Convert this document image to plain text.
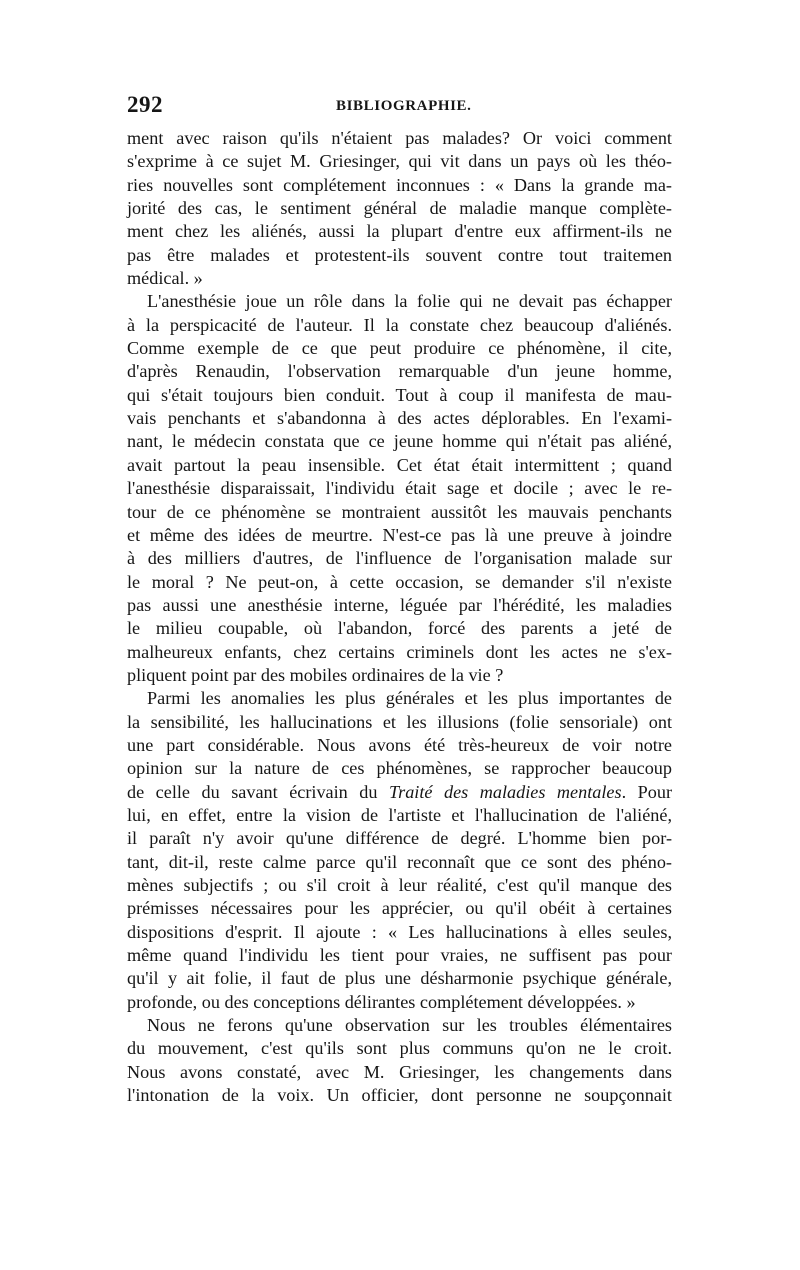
292	BIBLIOGRAPHIE.
ment avec raison qu'ils n'étaient pas malades? Or voici comment
s'exprime à ce sujet M. Griesinger, qui vit dans un pays où les théo-
ries nouvelles sont complétement inconnues : « Dans la grande ma-
jorité des cas, le sentiment général de maladie manque complète-
ment chez les aliénés, aussi la plupart d'entre eux affirment-ils ne
pas être malades et protestent-ils souvent contre tout traitemen
médical. »
L'anesthésie joue un rôle dans la folie qui ne devait pas échapper
à la perspicacité de l'auteur. Il la constate chez beaucoup d'aliénés.
Comme exemple de ce que peut produire ce phénomène, il cite,
d'après Renaudin, l'observation remarquable d'un jeune homme,
qui s'était toujours bien conduit. Tout à coup il manifesta de mau-
vais penchants et s'abandonna à des actes déplorables. En l'exami-
nant, le médecin constata que ce jeune homme qui n'était pas aliéné,
avait partout la peau insensible. Cet état était intermittent ; quand
l'anesthésie disparaissait, l'individu était sage et docile ; avec le re-
tour de ce phénomène se montraient aussitôt les mauvais penchants
et même des idées de meurtre. N'est-ce pas là une preuve à joindre
à des milliers d'autres, de l'influence de l'organisation malade sur
le moral ? Ne peut-on, à cette occasion, se demander s'il n'existe
pas aussi une anesthésie interne, léguée par l'hérédité, les maladies
le milieu coupable, où l'abandon, forcé des parents a jeté de
malheureux enfants, chez certains criminels dont les actes ne s'ex-
pliquent point par des mobiles ordinaires de la vie ?
Parmi les anomalies les plus générales et les plus importantes de
la sensibilité, les hallucinations et les illusions (folie sensoriale) ont
une part considérable. Nous avons été très-heureux de voir notre
opinion sur la nature de ces phénomènes, se rapprocher beaucoup
de celle du savant écrivain du Traité des maladies mentales. Pour
lui, en effet, entre la vision de l'artiste et l'hallucination de l'aliéné,
il paraît n'y avoir qu'une différence de degré. L'homme bien por-
tant, dit-il, reste calme parce qu'il reconnaît que ce sont des phéno-
mènes subjectifs ; ou s'il croit à leur réalité, c'est qu'il manque des
prémisses nécessaires pour les apprécier, ou qu'il obéit à certaines
dispositions d'esprit. Il ajoute : « Les hallucinations à elles seules,
même quand l'individu les tient pour vraies, ne suffisent pas pour
qu'il y ait folie, il faut de plus une désharmonie psychique générale,
profonde, ou des conceptions délirantes complétement développées. »
Nous ne ferons qu'une observation sur les troubles élémentaires
du mouvement, c'est qu'ils sont plus communs qu'on ne le croit.
Nous avons constaté, avec M. Griesinger, les changements dans
l'intonation de la voix. Un officier, dont personne ne soupçonnait
